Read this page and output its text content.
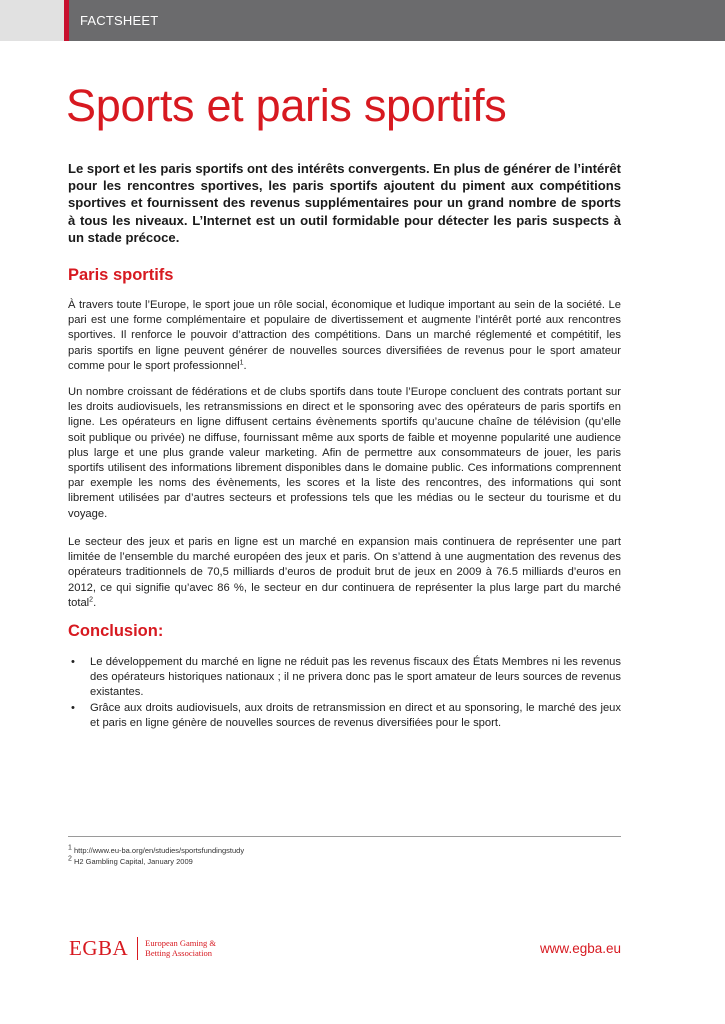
FACTSHEET
Sports et paris sportifs

Le sport et les paris sportifs ont des intérêts convergents. En plus de générer de l’intérêt pour les rencontres sportives, les paris sportifs ajoutent du piment aux compétitions sportives et fournissent des revenus supplémentaires pour un grand nombre de sports à tous les niveaux. L’Internet est un outil formidable pour détecter les paris suspects à un stade précoce.

Paris sportifs

À travers toute l’Europe, le sport joue un rôle social, économique et ludique important au sein de la société. Le pari est une forme complémentaire et populaire de divertissement et augmente l’intérêt porté aux rencontres sportives. Il renforce le pouvoir d’attraction des compétitions. Dans un marché réglementé et compétitif, les paris sportifs en ligne peuvent générer de nouvelles sources diversifiées de revenus pour le sport amateur comme pour le sport professionnel$^1$.

Un nombre croissant de fédérations et de clubs sportifs dans toute l’Europe concluent des contrats portant sur les droits audiovisuels, les retransmissions en direct et le sponsoring avec des opérateurs de paris sportifs en ligne. Les opérateurs en ligne diffusent certains évènements sportifs qu’aucune chaîne de télévision (qu’elle soit publique ou privée) ne diffuse, fournissant même aux sports de faible et moyenne popularité une audience plus large et une plus grande valeur marketing. Afin de permettre aux consommateurs de jouer, les paris sportifs utilisent des informations librement disponibles dans le domaine public. Ces informations comprennent par exemple les noms des évènements, les scores et la liste des rencontres, des informations qui sont librement utilisées par d’autres secteurs et professions tels que les médias ou le secteur du tourisme et du voyage.

Le secteur des jeux et paris en ligne est un marché en expansion mais continuera de représenter une part limitée de l’ensemble du marché européen des jeux et paris. On s’attend à une augmentation des revenus des opérateurs traditionnels de 70,5 milliards d’euros de produit brut de jeux en 2009 à 76.5 milliards d’euros en 2012, ce qui signifie qu’avec 86 %, le secteur en dur continuera de représenter la plus large part du marché total$^2$.

Conclusion:
• Le développement du marché en ligne ne réduit pas les revenus fiscaux des États Membres ni les revenus des opérateurs historiques nationaux ; il ne privera donc pas le sport amateur de leurs sources de revenus existantes.
• Grâce aux droits audiovisuels, aux droits de retransmission en direct et au sponsoring, le marché des jeux et paris en ligne génère de nouvelles sources de revenus diversifiées pour le sport.
$^1$ http://www.eu-ba.org/en/studies/sportsfundingstudy
$^2$ H2 Gambling Capital, January 2009
EGBA European Gaming &
Betting Association	www.egba.eu
